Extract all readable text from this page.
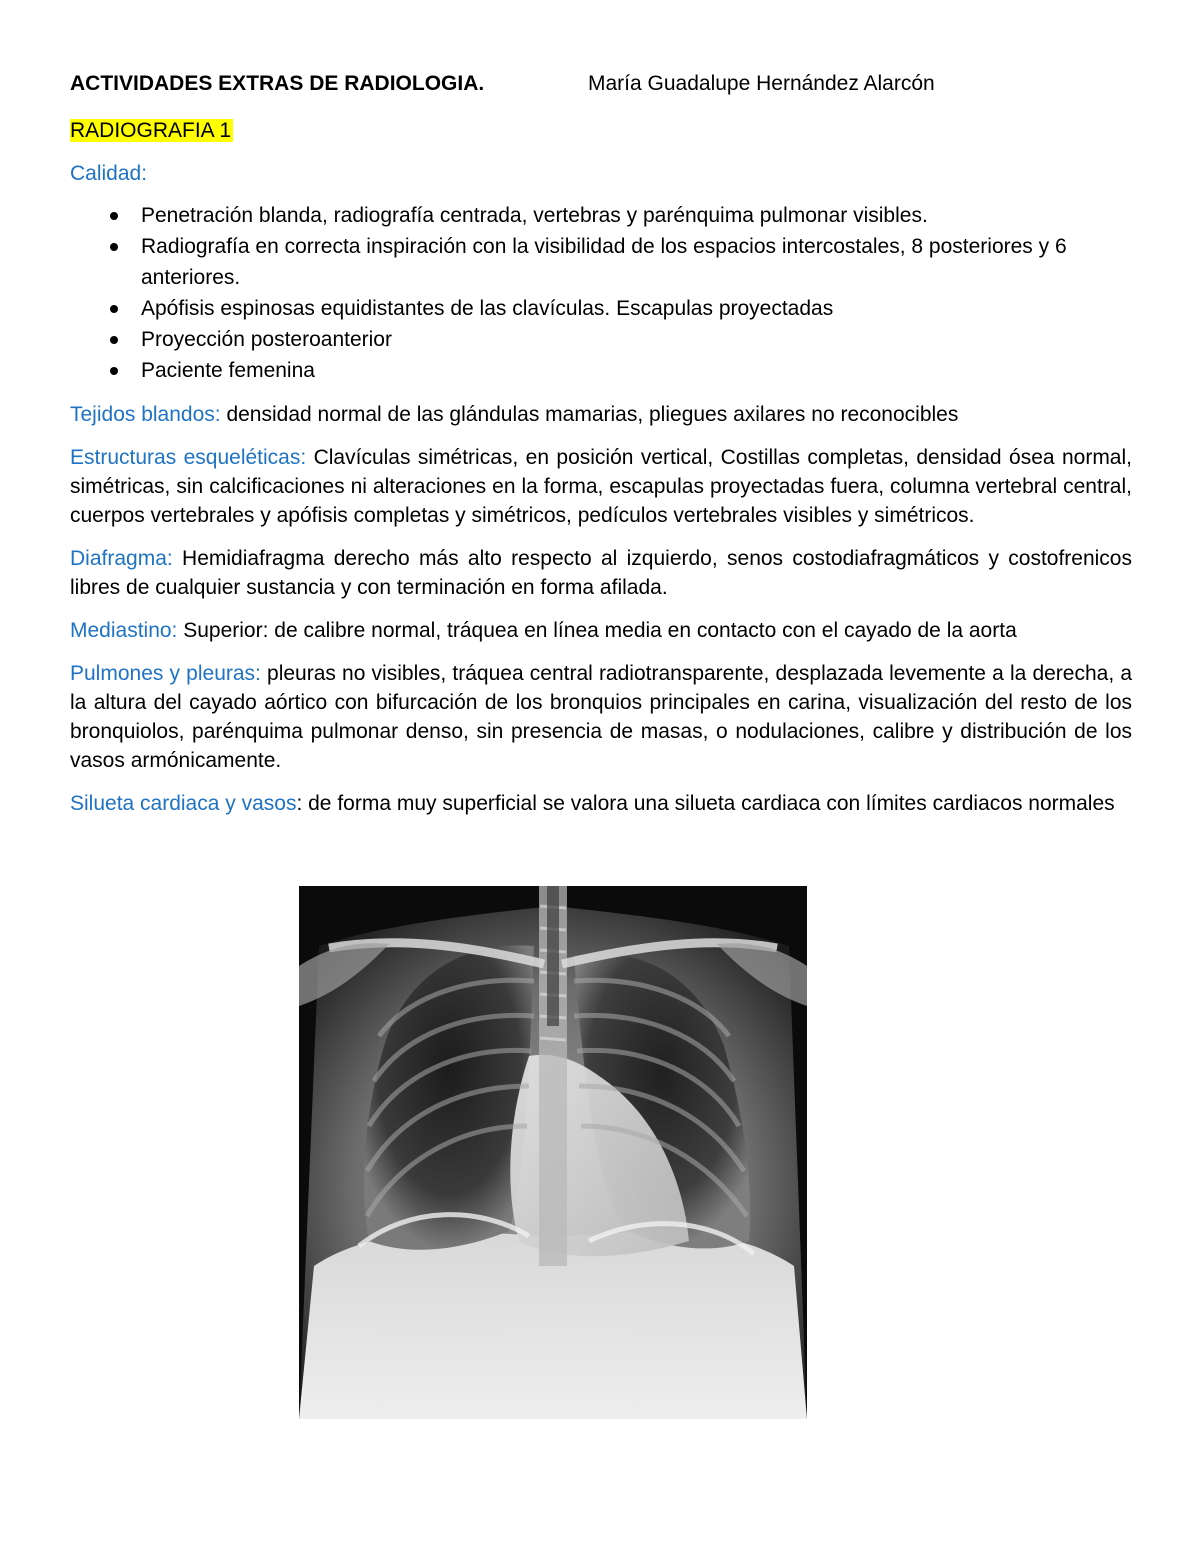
ACTIVIDADES EXTRAS DE RADIOLOGIA.	María Guadalupe Hernández Alarcón
RADIOGRAFIA 1
Calidad:
Penetración blanda, radiografía centrada, vertebras y parénquima pulmonar visibles.
Radiografía en correcta inspiración con la visibilidad de los espacios intercostales, 8 posteriores y 6 anteriores.
Apófisis espinosas equidistantes de las clavículas. Escapulas proyectadas
Proyección posteroanterior
Paciente femenina
Tejidos blandos: densidad normal de las glándulas mamarias, pliegues axilares no reconocibles
Estructuras esqueléticas: Clavículas simétricas, en posición vertical, Costillas completas, densidad ósea normal, simétricas, sin calcificaciones ni alteraciones en la forma, escapulas proyectadas fuera, columna vertebral central, cuerpos vertebrales y apófisis completas y simétricos, pedículos vertebrales visibles y simétricos.
Diafragma: Hemidiafragma derecho más alto respecto al izquierdo, senos costodiafragmáticos y costofrenicos libres de cualquier sustancia y con terminación en forma afilada.
Mediastino: Superior: de calibre normal, tráquea en línea media en contacto con el cayado de la aorta
Pulmones y pleuras: pleuras no visibles, tráquea central radiotransparente, desplazada levemente a la derecha, a la altura del cayado aórtico con bifurcación de los bronquios principales en carina, visualización del resto de los bronquiolos, parénquima pulmonar denso, sin presencia de masas, o nodulaciones, calibre y distribución de los vasos armónicamente.
Silueta cardiaca y vasos: de forma muy superficial se valora una silueta cardiaca con límites cardiacos normales
